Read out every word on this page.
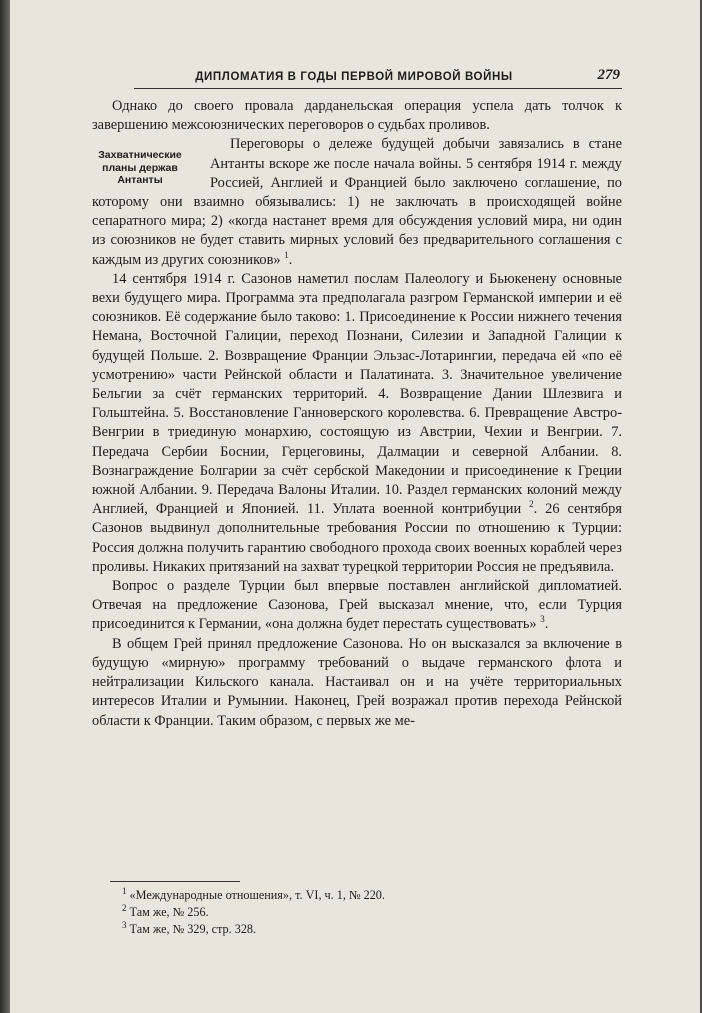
ДИПЛОМАТИЯ В ГОДЫ ПЕРВОЙ МИРОВОЙ ВОЙНЫ	279

Однако до своего провала дарданельская операция успела дать толчок к завершению межсоюзнических переговоров о судьбах проливов.

Захватнические планы держав Антанты
Переговоры о дележе будущей добычи завязались в стане Антанты вскоре же после начала войны. 5 сентября 1914 г. между Россией, Англией и Францией было заключено соглашение, по которому они взаимно обязывались: 1) не заключать в происходящей войне сепаратного мира; 2) «когда настанет время для обсуждения условий мира, ни один из союзников не будет ставить мирных условий без предварительного соглашения с каждым из других союзников» $^1$.

14 сентября 1914 г. Сазонов наметил послам Палеологу и Бьюкенену основные вехи будущего мира. Программа эта предполагала разгром Германской империи и её союзников. Её содержание было таково: 1. Присоединение к России нижнего течения Немана, Восточной Галиции, переход Познани, Силезии и Западной Галиции к будущей Польше. 2. Возвращение Франции Эльзас-Лотарингии, передача ей «по её усмотрению» части Рейнской области и Палатината. 3. Значительное увеличение Бельгии за счёт германских территорий. 4. Возвращение Дании Шлезвига и Гольштейна. 5. Восстановление Ганноверского королевства. 6. Превращение Австро-Венгрии в триединую монархию, состоящую из Австрии, Чехии и Венгрии. 7. Передача Сербии Боснии, Герцеговины, Далмации и северной Албании. 8. Вознаграждение Болгарии за счёт сербской Македонии и присоединение к Греции южной Албании. 9. Передача Валоны Италии. 10. Раздел германских колоний между Англией, Францией и Японией. 11. Уплата военной контрибуции $^2$. 26 сентября Сазонов выдвинул дополнительные требования России по отношению к Турции: Россия должна получить гарантию свободного прохода своих военных кораблей через проливы. Никаких притязаний на захват турецкой территории Россия не предъявила.

Вопрос о разделе Турции был впервые поставлен английской дипломатией. Отвечая на предложение Сазонова, Грей высказал мнение, что, если Турция присоединится к Германии, «она должна будет перестать существовать» $^3$.

В общем Грей принял предложение Сазонова. Но он высказался за включение в будущую «мирную» программу требований о выдаче германского флота и нейтрализации Кильского канала. Настаивал он и на учёте территориальных интересов Италии и Румынии. Наконец, Грей возражал против перехода Рейнской области к Франции. Таким образом, с первых же ме-

$^1$ «Международные отношения», т. VI, ч. 1, № 220.
$^2$ Там же, № 256.
$^3$ Там же, № 329, стр. 328.
